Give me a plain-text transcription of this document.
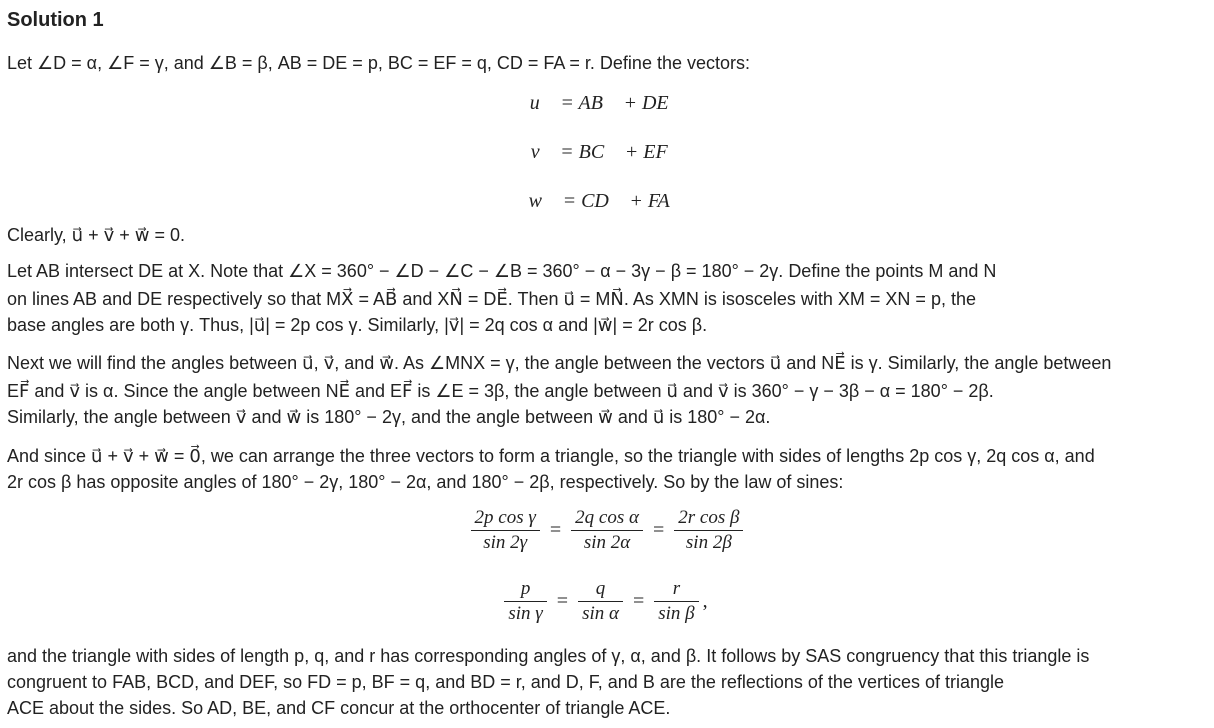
Solution 1
Let ∠D = α, ∠F = γ, and ∠B = β, AB = DE = p, BC = EF = q, CD = FA = r. Define the vectors:
u⃗ = AB⃗ + DE⃗
v⃗ = BC⃗ + EF⃗
w⃗ = CD⃗ + FA⃗
Clearly, u⃗ + v⃗ + w⃗ = 0.
Let AB intersect DE at X. Note that ∠X = 360° − ∠D − ∠C − ∠B = 360° − α − 3γ − β = 180° − 2γ. Define the points M and N
on lines AB and DE respectively so that MX⃗ = AB⃗ and XN⃗ = DE⃗. Then u⃗ = MN⃗. As XMN is isosceles with XM = XN = p, the
base angles are both γ. Thus, |u⃗| = 2p cos γ. Similarly, |v⃗| = 2q cos α and |w⃗| = 2r cos β.
Next we will find the angles between u⃗, v⃗, and w⃗. As ∠MNX = γ, the angle between the vectors u⃗ and NE⃗ is γ. Similarly, the angle between
EF⃗ and v⃗ is α. Since the angle between NE⃗ and EF⃗ is ∠E = 3β, the angle between u⃗ and v⃗ is 360° − γ − 3β − α = 180° − 2β.
Similarly, the angle between v⃗ and w⃗ is 180° − 2γ, and the angle between w⃗ and u⃗ is 180° − 2α.
And since u⃗ + v⃗ + w⃗ = 0⃗, we can arrange the three vectors to form a triangle, so the triangle with sides of lengths 2p cos γ, 2q cos α, and
2r cos β has opposite angles of 180° − 2γ, 180° − 2α, and 180° − 2β, respectively. So by the law of sines:
$\frac{\text{2p cos γ}}{\sin 2\gamma} = \frac{\text{2q cos α}}{\sin 2\alpha} = \frac{\text{2r cos β}}{\sin 2\beta}$
$\frac{p}{\text{sin γ}} = \frac{q}{\text{sin α}} = \frac{r}{\text{sin β}}$ ,
and the triangle with sides of length p, q, and r has corresponding angles of γ, α, and β. It follows by SAS congruency that this triangle is
congruent to FAB, BCD, and DEF, so FD = p, BF = q, and BD = r, and D, F, and B are the reflections of the vertices of triangle
ACE about the sides. So AD, BE, and CF concur at the orthocenter of triangle ACE.
